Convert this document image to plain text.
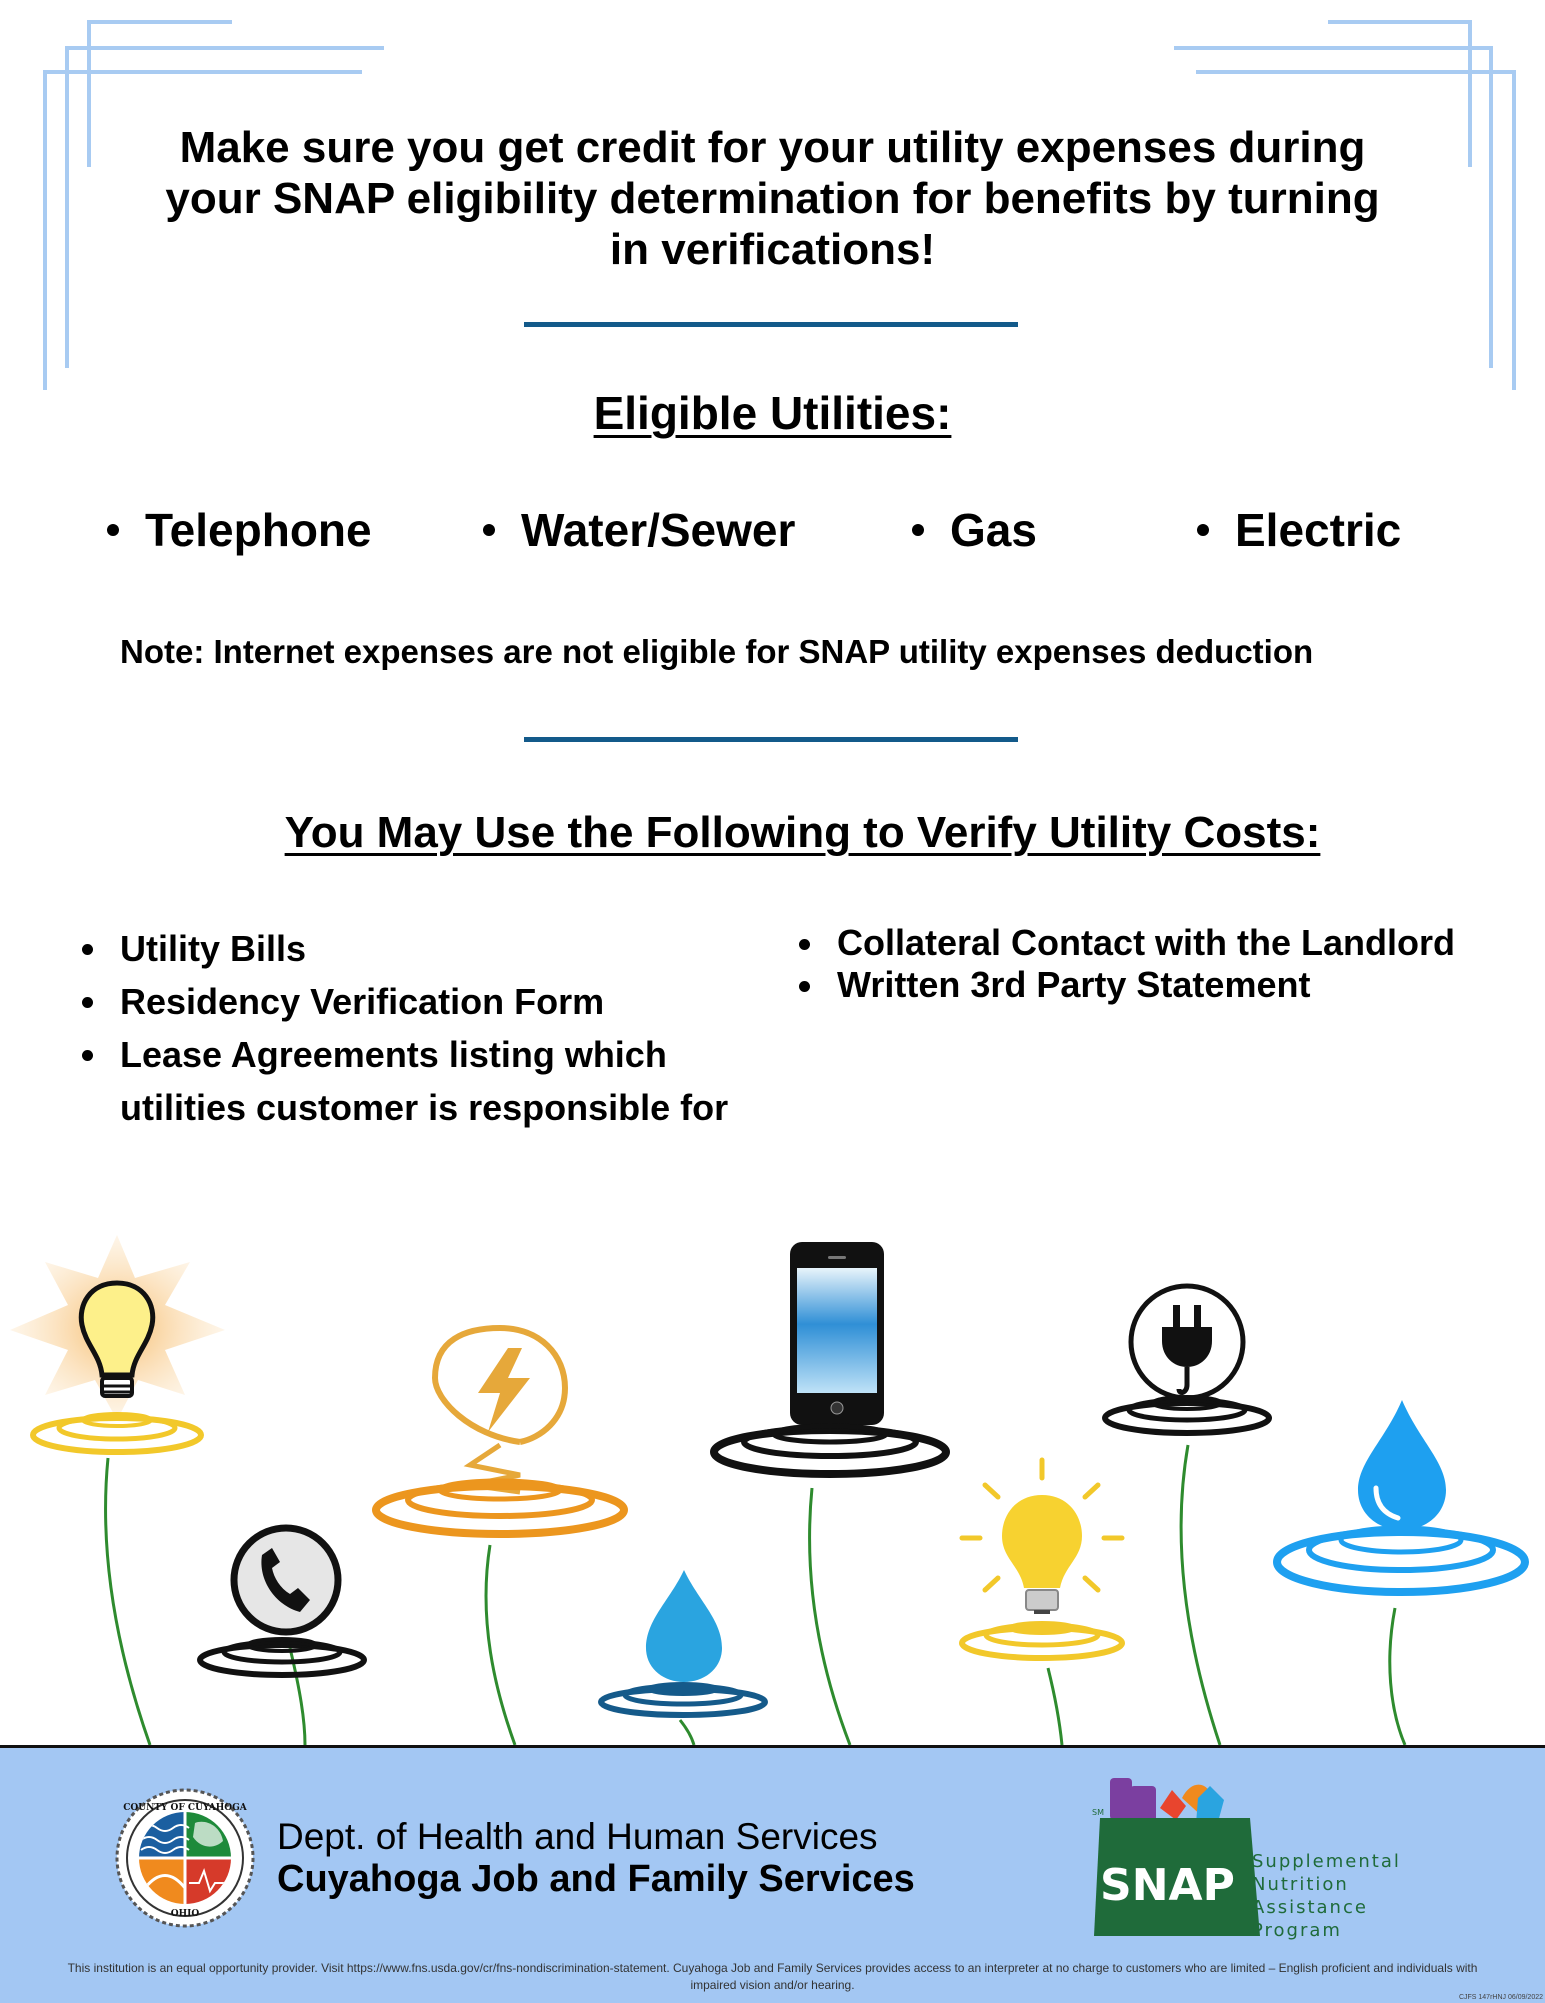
Make sure you get credit for your utility expenses during your SNAP eligibility determination for benefits by turning in verifications!
Eligible Utilities:
Telephone	Water/Sewer	Gas	Electric
Note: Internet expenses are not eligible for SNAP utility expenses deduction
You May Use the Following to Verify Utility Costs:
Utility Bills
Residency Verification Form
Lease Agreements listing which utilities customer is responsible for
Collateral Contact with the Landlord
Written 3rd Party Statement
COUNTY OF CUYAHOGA
OHIO
Dept. of Health and Human Services
Cuyahoga Job and Family Services
SM
SNAP Supplemental
Nutrition
Assistance
Program
This institution is an equal opportunity provider. Visit https://www.fns.usda.gov/cr/fns-nondiscrimination-statement. Cuyahoga Job and Family Services provides access to an interpreter at no charge to customers who are limited – English proficient and individuals with impaired vision and/or hearing.
CJFS 147rHNJ 06/09/2022
